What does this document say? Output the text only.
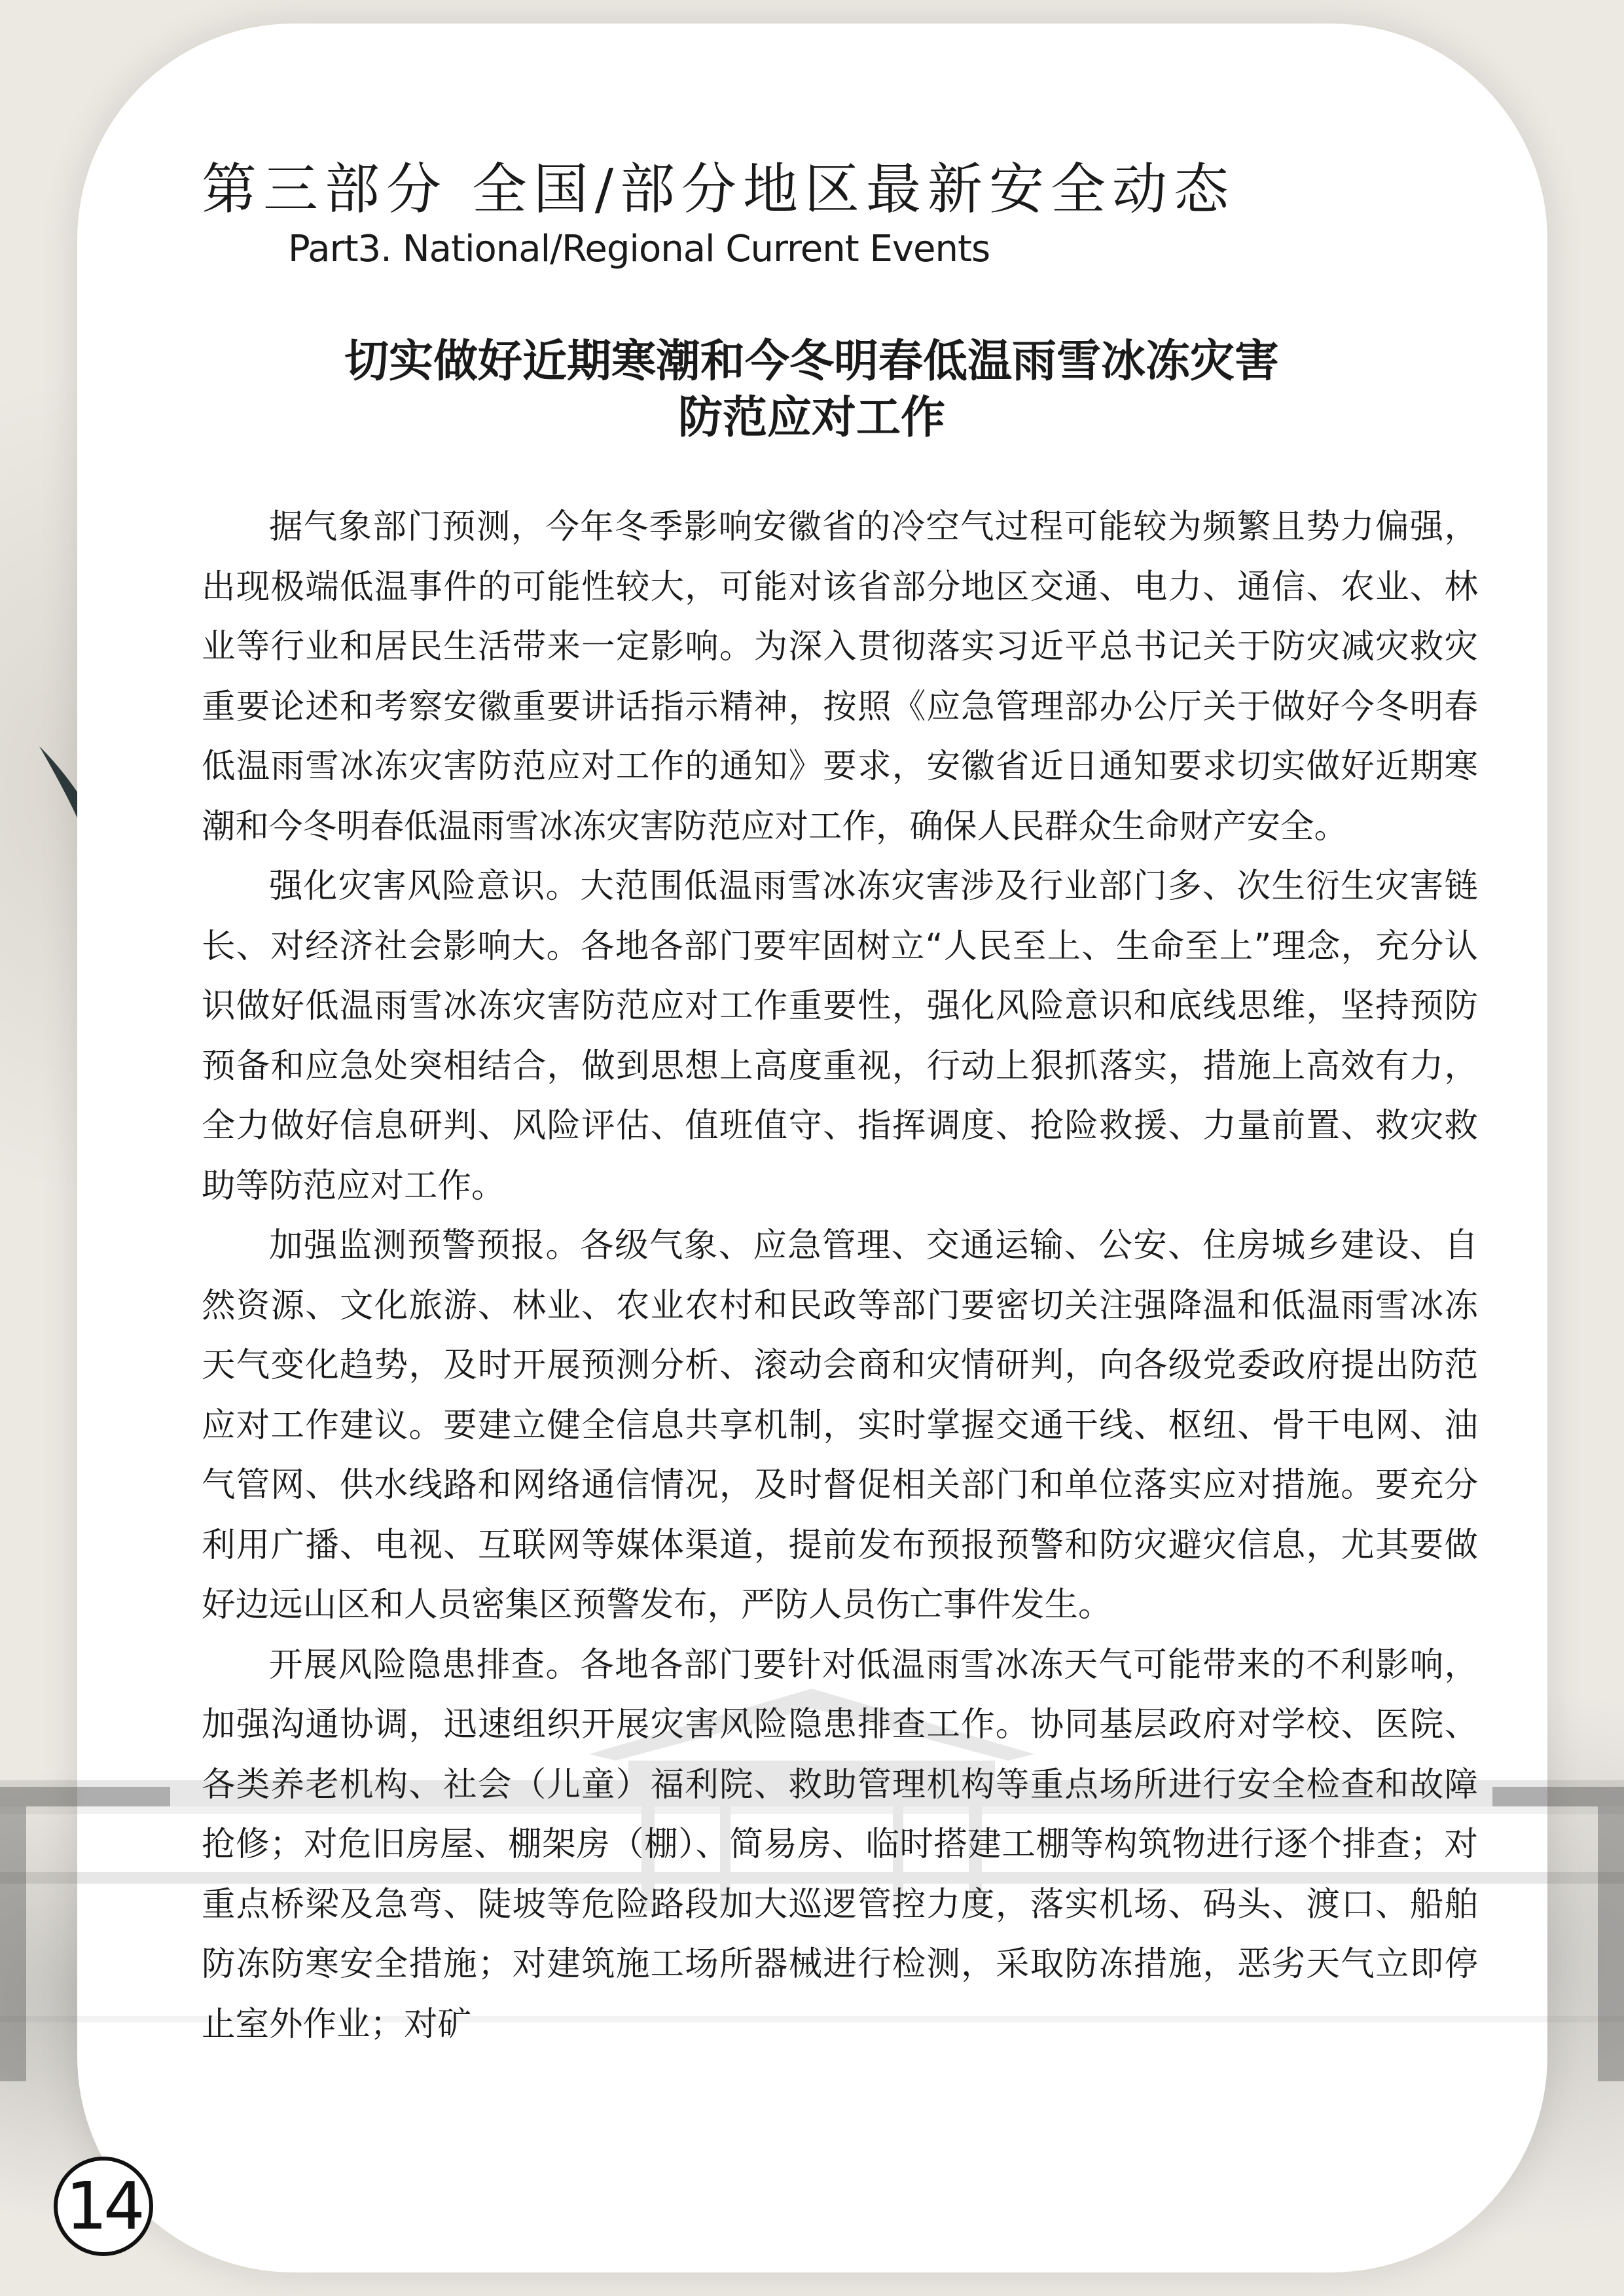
第三部分 全国/部分地区最新安全动态
Part3. National/Regional Current Events
切实做好近期寒潮和今冬明春低温雨雪冰冻灾害
防范应对工作

据气象部门预测，今年冬季影响安徽省的冷空气过程可能较为频繁且势力偏强，出现极端低温事件的可能性较大，可能对该省部分地区交通、电力、通信、农业、林业等行业和居民生活带来一定影响。为深入贯彻落实习近平总书记关于防灾减灾救灾重要论述和考察安徽重要讲话指示精神，按照《应急管理部办公厅关于做好今冬明春低温雨雪冰冻灾害防范应对工作的通知》要求，安徽省近日通知要求切实做好近期寒潮和今冬明春低温雨雪冰冻灾害防范应对工作，确保人民群众生命财产安全。

强化灾害风险意识。大范围低温雨雪冰冻灾害涉及行业部门多、次生衍生灾害链长、对经济社会影响大。各地各部门要牢固树立“人民至上、生命至上”理念，充分认识做好低温雨雪冰冻灾害防范应对工作重要性，强化风险意识和底线思维，坚持预防预备和应急处突相结合，做到思想上高度重视，行动上狠抓落实，措施上高效有力，全力做好信息研判、风险评估、值班值守、指挥调度、抢险救援、力量前置、救灾救助等防范应对工作。

加强监测预警预报。各级气象、应急管理、交通运输、公安、住房城乡建设、自然资源、文化旅游、林业、农业农村和民政等部门要密切关注强降温和低温雨雪冰冻天气变化趋势，及时开展预测分析、滚动会商和灾情研判，向各级党委政府提出防范应对工作建议。要建立健全信息共享机制，实时掌握交通干线、枢纽、骨干电网、油气管网、供水线路和网络通信情况，及时督促相关部门和单位落实应对措施。要充分利用广播、电视、互联网等媒体渠道，提前发布预报预警和防灾避灾信息，尤其要做好边远山区和人员密集区预警发布，严防人员伤亡事件发生。

开展风险隐患排查。各地各部门要针对低温雨雪冰冻天气可能带来的不利影响，加强沟通协调，迅速组织开展灾害风险隐患排查工作。协同基层政府对学校、医院、各类养老机构、社会（儿童）福利院、救助管理机构等重点场所进行安全检查和故障抢修；对危旧房屋、棚架房（棚）、简易房、临时搭建工棚等构筑物进行逐个排查；对重点桥梁及急弯、陡坡等危险路段加大巡逻管控力度，落实机场、码头、渡口、船舶防冻防寒安全措施；对建筑施工场所器械进行检测，采取防冻措施，恶劣天气立即停止室外作业；对矿

14
